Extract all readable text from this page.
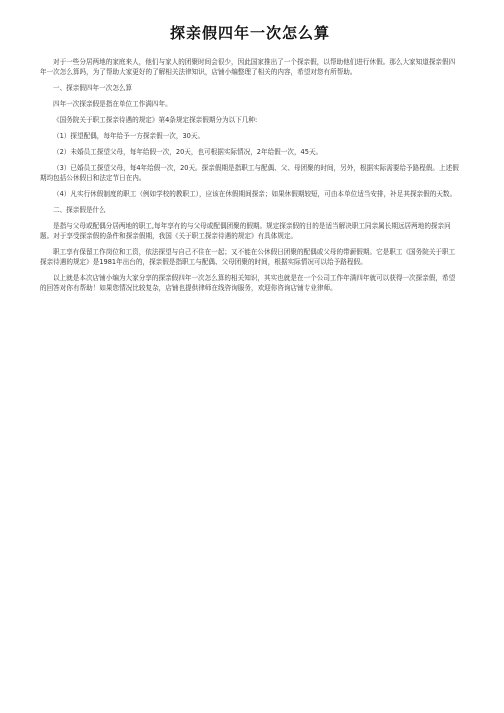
探亲假四年一次怎么算

对于一些分居两地的家庭来人，他们与家人的团聚时间会很少，因此国家推出了一个探亲假，以帮助他们进行休假。那么大家知道探亲假四年一次怎么算吗，为了帮助大家更好的了解相关法律知识，店铺小编整理了相关的内容，希望对您有所帮助。

一、探亲假四年一次怎么算

四年一次探亲假是指在单位工作满四年。

《国务院关于职工探亲待遇的规定》第4条规定探亲假期分为以下几种:

（1）探望配偶，每年给予一方探亲假一次，30天。

（2）未婚员工探望父母，每年给假一次，20天，也可根据实际情况，2年给假一次，45天。

（3）已婚员工探望父母，每4年给假一次，20天。探亲假期是指职工与配偶、父、母团聚的时间，另外，根据实际需要给予路程假。上述假期均包括公休假日和法定节日在内。

（4）凡实行休假制度的职工（例如学校的教职工），应该在休假期间探亲；如果休假期较短，可由本单位适当安排，补足其探亲假的天数。

二、探亲假是什么

是指与父母或配偶分居两地的职工,每年享有的与父母或配偶团聚的假期。规定探亲假的目的是适当解决职工同亲属长期远居两地的探亲问题。对于享受探亲假的条件和探亲假期，我国《关于职工探亲待遇的规定》有具体规定。

职工享有保留工作岗位和工资，依法探望与自己不住在一起；又不能在公休假日团聚的配偶或父母的带薪假期。它是职工《国务院关于职工探亲待遇的规定》是1981年出台的，探亲假是指职工与配偶、父母团聚的时间，根据实际情况可以给予路程假。

以上就是本次店铺小编为大家分享的探亲假四年一次怎么算的相关知识，其实也就是在一个公司工作年满四年就可以获得一次探亲假，希望的回答对你有帮助！如果您情况比较复杂，店铺也提供律师在线咨询服务，欢迎你咨询店铺专业律师。
